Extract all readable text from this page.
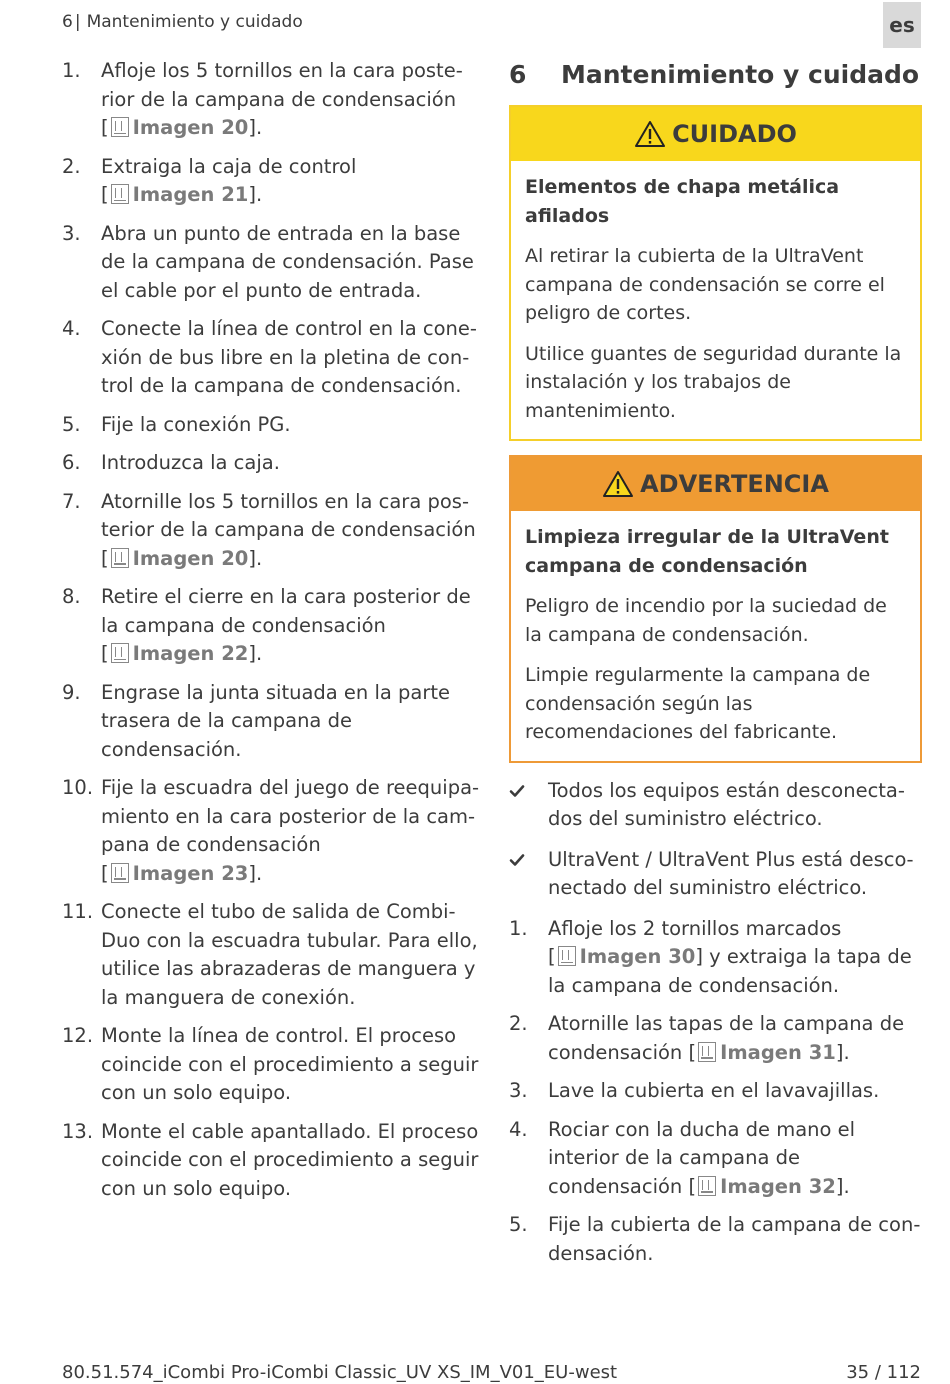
6 | Mantenimiento y cuidado	es
1. Afloje los 5 tornillos en la cara posterior de la campana de condensación [ Imagen 20].
2. Extraiga la caja de control [ Imagen 21].
3. Abra un punto de entrada en la base de la campana de condensación. Pase el cable por el punto de entrada.
4. Conecte la línea de control en la conexión de bus libre en la pletina de control de la campana de condensación.
5. Fije la conexión PG.
6. Introduzca la caja.
7. Atornille los 5 tornillos en la cara posterior de la campana de condensación [ Imagen 20].
8. Retire el cierre en la cara posterior de la campana de condensación [ Imagen 22].
9. Engrase la junta situada en la parte trasera de la campana de condensación.
10. Fije la escuadra del juego de reequipamiento en la cara posterior de la campana de condensación [ Imagen 23].
11. Conecte el tubo de salida de CombiDuo con la escuadra tubular. Para ello, utilice las abrazaderas de manguera y la manguera de conexión.
12. Monte la línea de control. El proceso coincide con el procedimiento a seguir con un solo equipo.
13. Monte el cable apantallado. El proceso coincide con el procedimiento a seguir con un solo equipo.
6 Mantenimiento y cuidado
CUIDADO

Elementos de chapa metálica afilados

Al retirar la cubierta de la UltraVent campana de condensación se corre el peligro de cortes.

Utilice guantes de seguridad durante la instalación y los trabajos de mantenimiento.

ADVERTENCIA

Limpieza irregular de la UltraVent campana de condensación

Peligro de incendio por la suciedad de la campana de condensación.

Limpie regularmente la campana de condensación según las recomendaciones del fabricante.

Todos los equipos están desconectados del suministro eléctrico.
UltraVent / UltraVent Plus está desconectado del suministro eléctrico.
1. Afloje los 2 tornillos marcados [ Imagen 30] y extraiga la tapa de la campana de condensación.
2. Atornille las tapas de la campana de condensación [ Imagen 31].
3. Lave la cubierta en el lavavajillas.
4. Rociar con la ducha de mano el interior de la campana de condensación [ Imagen 32].
5. Fije la cubierta de la campana de condensación.
80.51.574_iCombi Pro-iCombi Classic_UV XS_IM_V01_EU-west	35 / 112
